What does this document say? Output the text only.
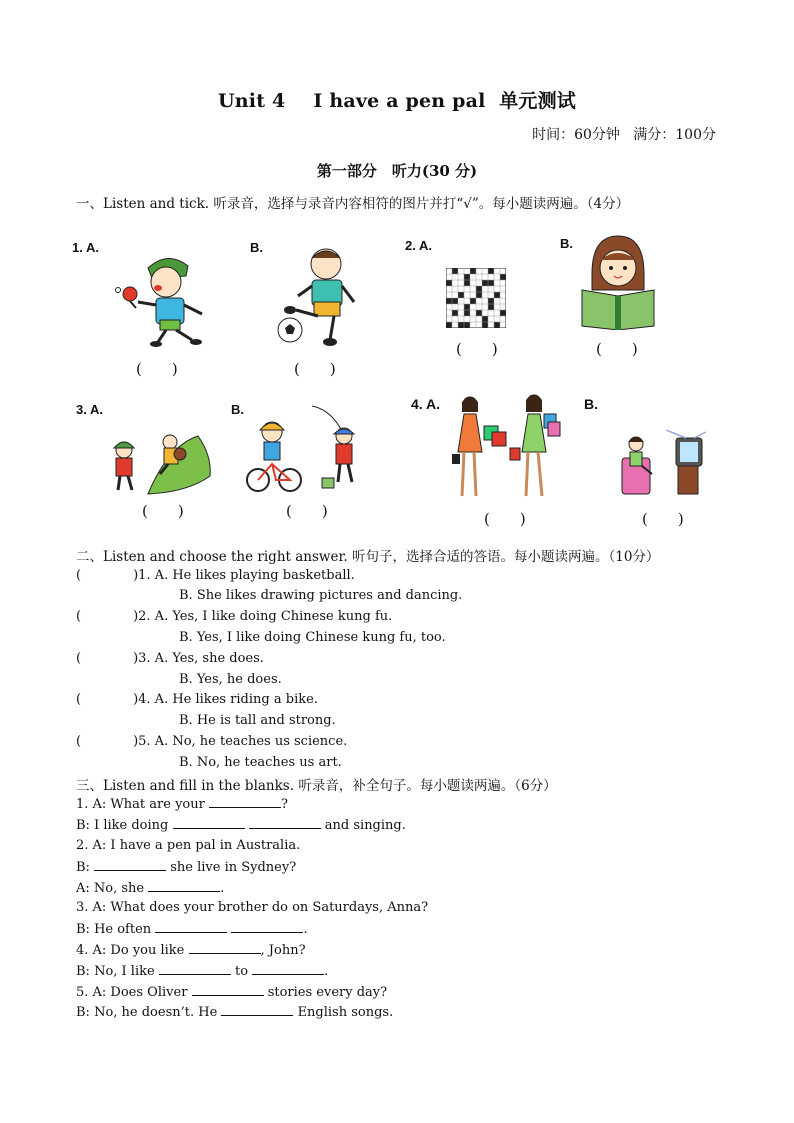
Unit 4 I have a pen pal 单元测试
时间：60分钟 满分：100分
第一部分　听力(30 分)
一、Listen and tick. 听录音，选择与录音内容相符的图片并打“√”。每小题读两遍。（4分）
1. A.
(　　)
B.
(　　)
2. A.
(　　)
B.
(　　)
3. A.
(　　)
B.
(　　)
4. A.
(　　)
B.
(　　)
二、Listen and choose the right answer. 听句子，选择合适的答语。每小题读两遍。（10分）
(　　　　)1. A. He likes playing basketball.
B. She likes drawing pictures and dancing.
(　　　　)2. A. Yes, I like doing Chinese kung fu.
B. Yes, I like doing Chinese kung fu, too.
(　　　　)3. A. Yes, she does.
B. Yes, he does.
(　　　　)4. A. He likes riding a bike.
B. He is tall and strong.
(　　　　)5. A. No, he teaches us science.
B. No, he teaches us art.
三、Listen and fill in the blanks. 听录音，补全句子。每小题读两遍。（6分）
1. A: What are your	?
B: I like doing	and singing.
2. A: I have a pen pal in Australia.
B:	she live in Sydney?
A: No, she	.
3. A: What does your brother do on Saturdays, Anna?
B: He often	.
4. A: Do you like	, John?
B: No, I like	to	.
5. A: Does Oliver	stories every day?
B: No, he doesn’t. He	English songs.
